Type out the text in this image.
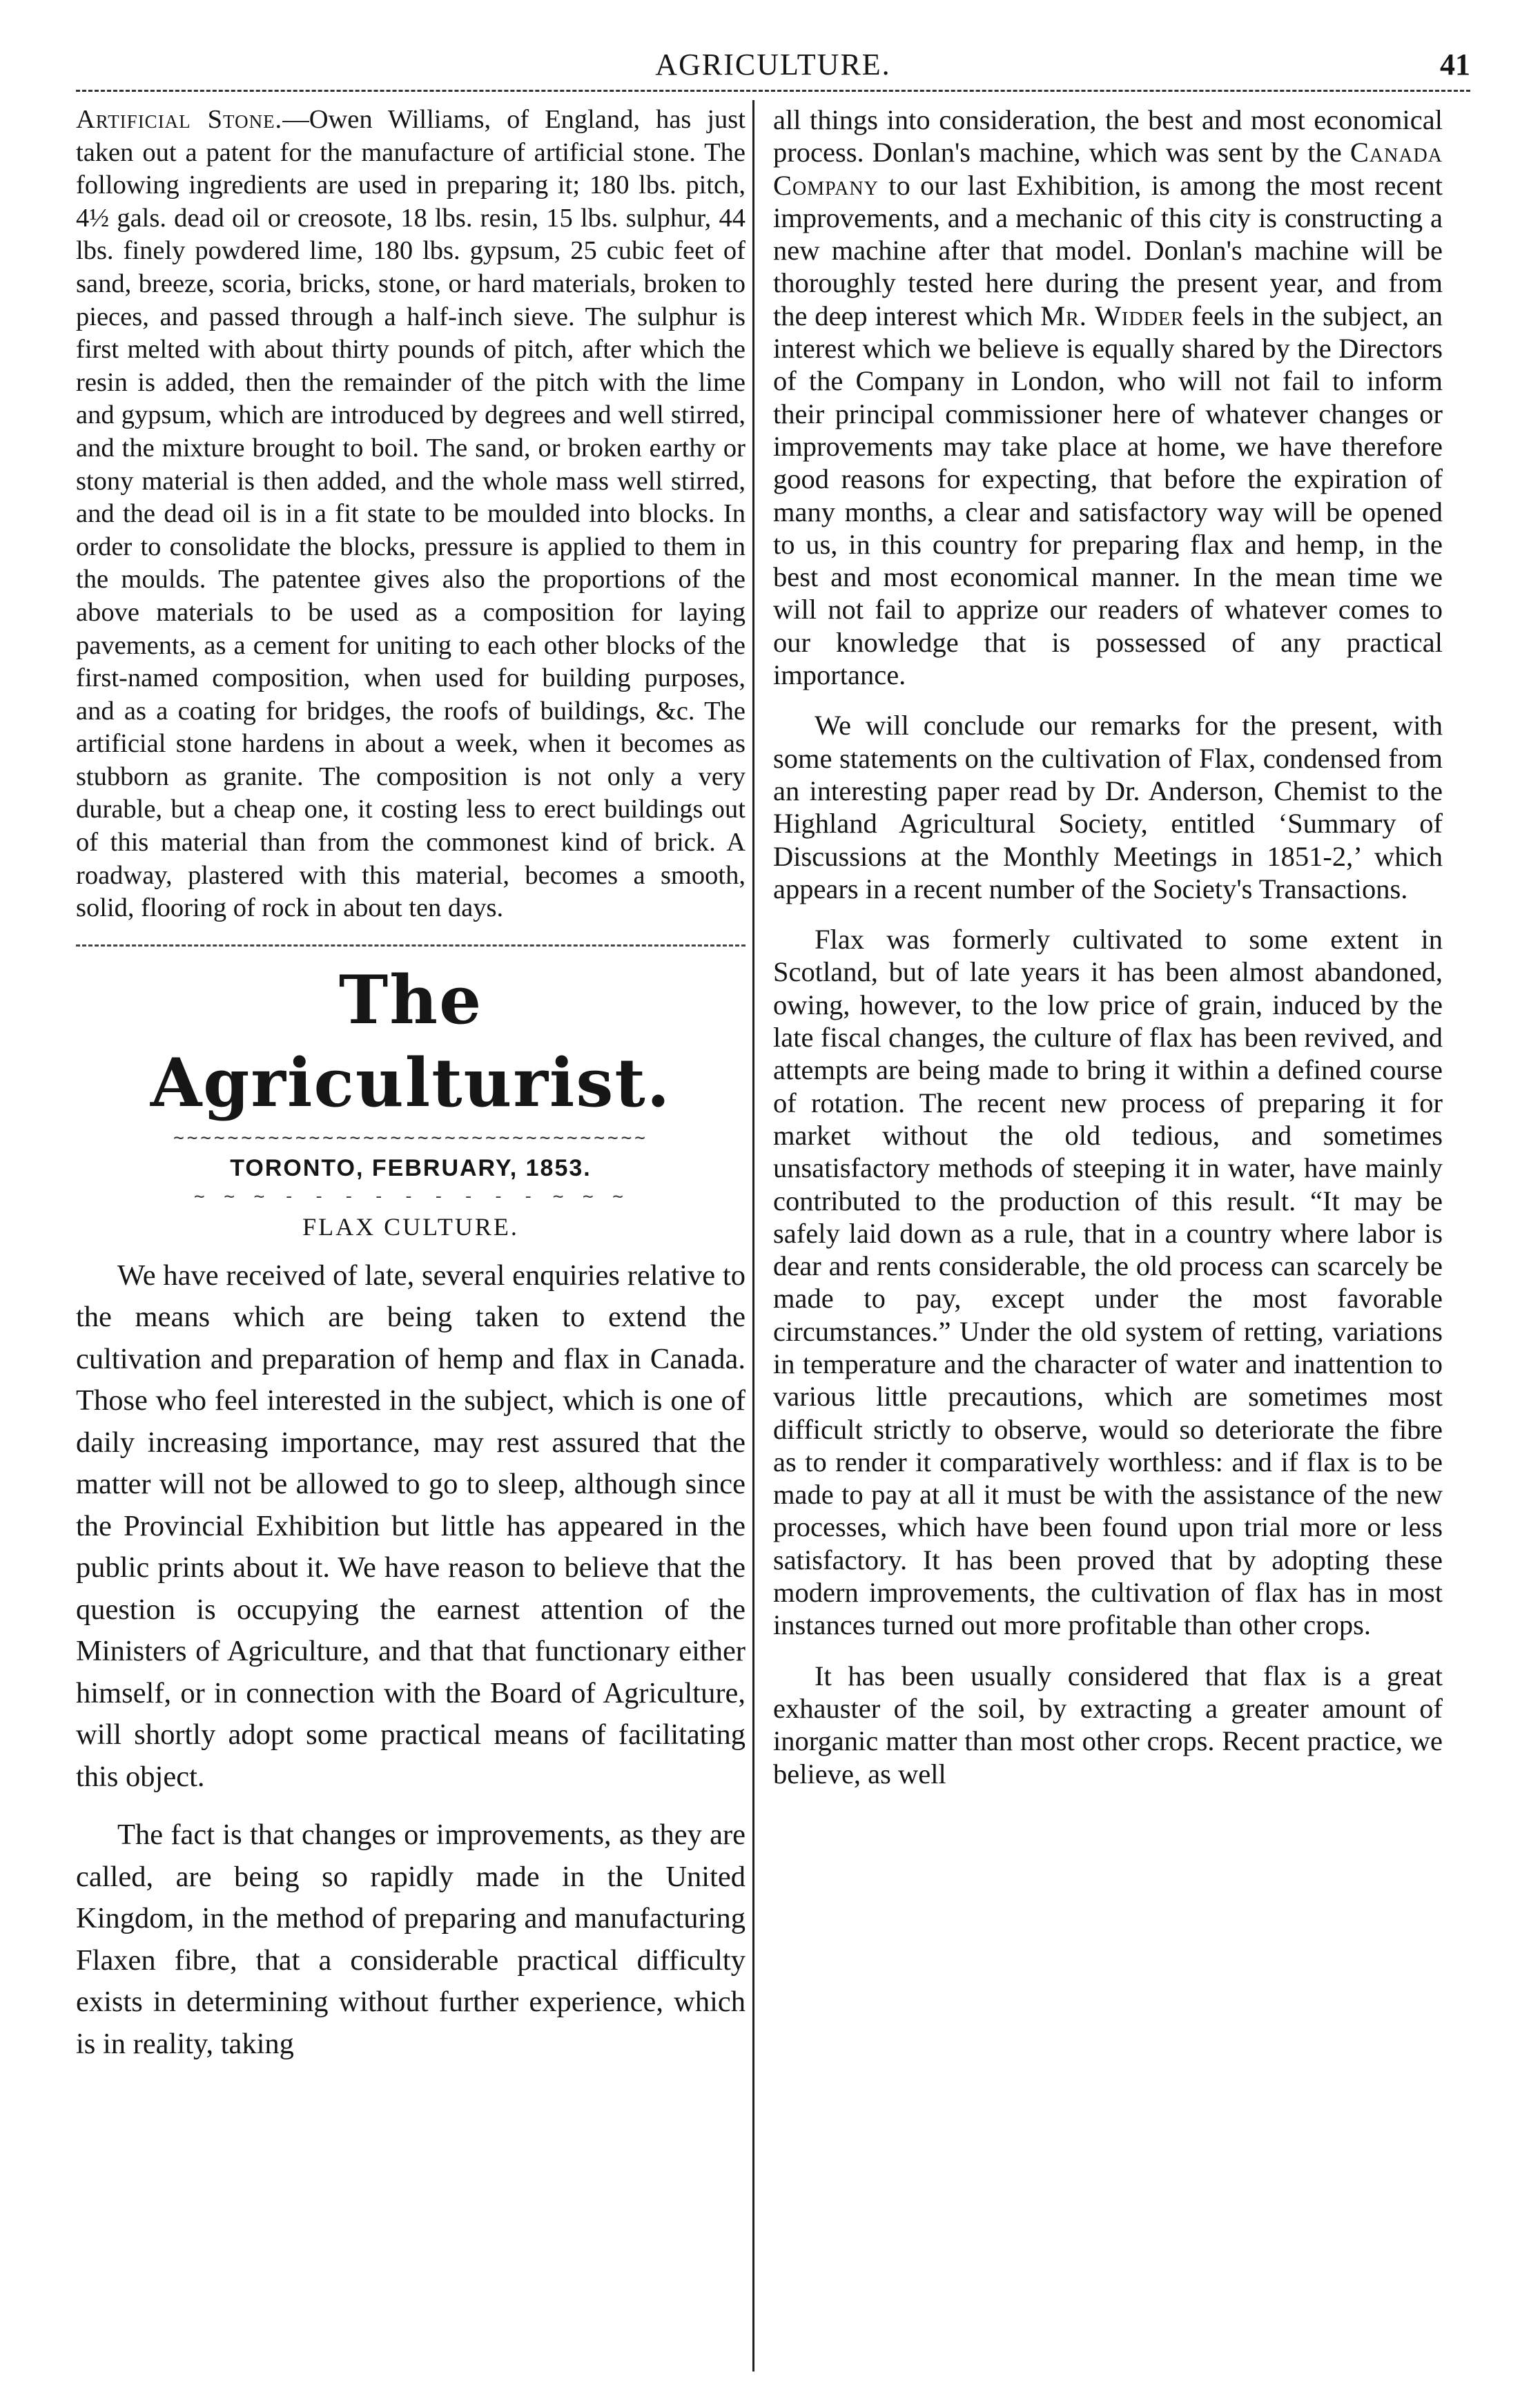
AGRICULTURE.	41

Artificial Stone.—Owen Williams, of England, has just taken out a patent for the manufacture of artificial stone. The following ingredients are used in preparing it; 180 lbs. pitch, 4½ gals. dead oil or creosote, 18 lbs. resin, 15 lbs. sulphur, 44 lbs. finely powdered lime, 180 lbs. gypsum, 25 cubic feet of sand, breeze, scoria, bricks, stone, or hard materials, broken to pieces, and passed through a half-inch sieve. The sulphur is first melted with about thirty pounds of pitch, after which the resin is added, then the remainder of the pitch with the lime and gypsum, which are introduced by degrees and well stirred, and the mixture brought to boil. The sand, or broken earthy or stony material is then added, and the whole mass well stirred, and the dead oil is in a fit state to be moulded into blocks. In order to consolidate the blocks, pressure is applied to them in the moulds. The patentee gives also the proportions of the above materials to be used as a composition for laying pavements, as a cement for uniting to each other blocks of the first-named composition, when used for building purposes, and as a coating for bridges, the roofs of buildings, &c. The artificial stone hardens in about a week, when it becomes as stubborn as granite. The composition is not only a very durable, but a cheap one, it costing less to erect buildings out of this material than from the commonest kind of brick. A roadway, plastered with this material, becomes a smooth, solid, flooring of rock in about ten days.

The Agriculturist.
~~~~~~~~~~~~~~~~~~~~~~~~~~~~~~~~~~~
TORONTO, FEBRUARY, 1853.
~ ~ ~ - - - - - - - - - ~ ~ ~
FLAX CULTURE.

We have received of late, several enquiries relative to the means which are being taken to extend the cultivation and preparation of hemp and flax in Canada. Those who feel interested in the subject, which is one of daily increasing importance, may rest assured that the matter will not be allowed to go to sleep, although since the Provincial Exhibition but little has appeared in the public prints about it. We have reason to believe that the question is occupying the earnest attention of the Ministers of Agriculture, and that that functionary either himself, or in connection with the Board of Agriculture, will shortly adopt some practical means of facilitating this object.

The fact is that changes or improvements, as they are called, are being so rapidly made in the United Kingdom, in the method of preparing and manufacturing Flaxen fibre, that a considerable practical difficulty exists in determining without further experience, which is in reality, taking

all things into consideration, the best and most economical process. Donlan's machine, which was sent by the Canada Company to our last Exhibition, is among the most recent improvements, and a mechanic of this city is constructing a new machine after that model. Donlan's machine will be thoroughly tested here during the present year, and from the deep interest which Mr. Widder feels in the subject, an interest which we believe is equally shared by the Directors of the Company in London, who will not fail to inform their principal commissioner here of whatever changes or improvements may take place at home, we have therefore good reasons for expecting, that before the expiration of many months, a clear and satisfactory way will be opened to us, in this country for preparing flax and hemp, in the best and most economical manner. In the mean time we will not fail to apprize our readers of whatever comes to our knowledge that is possessed of any practical importance.

We will conclude our remarks for the present, with some statements on the cultivation of Flax, condensed from an interesting paper read by Dr. Anderson, Chemist to the Highland Agricultural Society, entitled ‘Summary of Discussions at the Monthly Meetings in 1851-2,’ which appears in a recent number of the Society's Transactions.

Flax was formerly cultivated to some extent in Scotland, but of late years it has been almost abandoned, owing, however, to the low price of grain, induced by the late fiscal changes, the culture of flax has been revived, and attempts are being made to bring it within a defined course of rotation. The recent new process of preparing it for market without the old tedious, and sometimes unsatisfactory methods of steeping it in water, have mainly contributed to the production of this result. “It may be safely laid down as a rule, that in a country where labor is dear and rents considerable, the old process can scarcely be made to pay, except under the most favorable circumstances.” Under the old system of retting, variations in temperature and the character of water and inattention to various little precautions, which are sometimes most difficult strictly to observe, would so deteriorate the fibre as to render it comparatively worthless: and if flax is to be made to pay at all it must be with the assistance of the new processes, which have been found upon trial more or less satisfactory. It has been proved that by adopting these modern improvements, the cultivation of flax has in most instances turned out more profitable than other crops.

It has been usually considered that flax is a great exhauster of the soil, by extracting a greater amount of inorganic matter than most other crops. Recent practice, we believe, as well
